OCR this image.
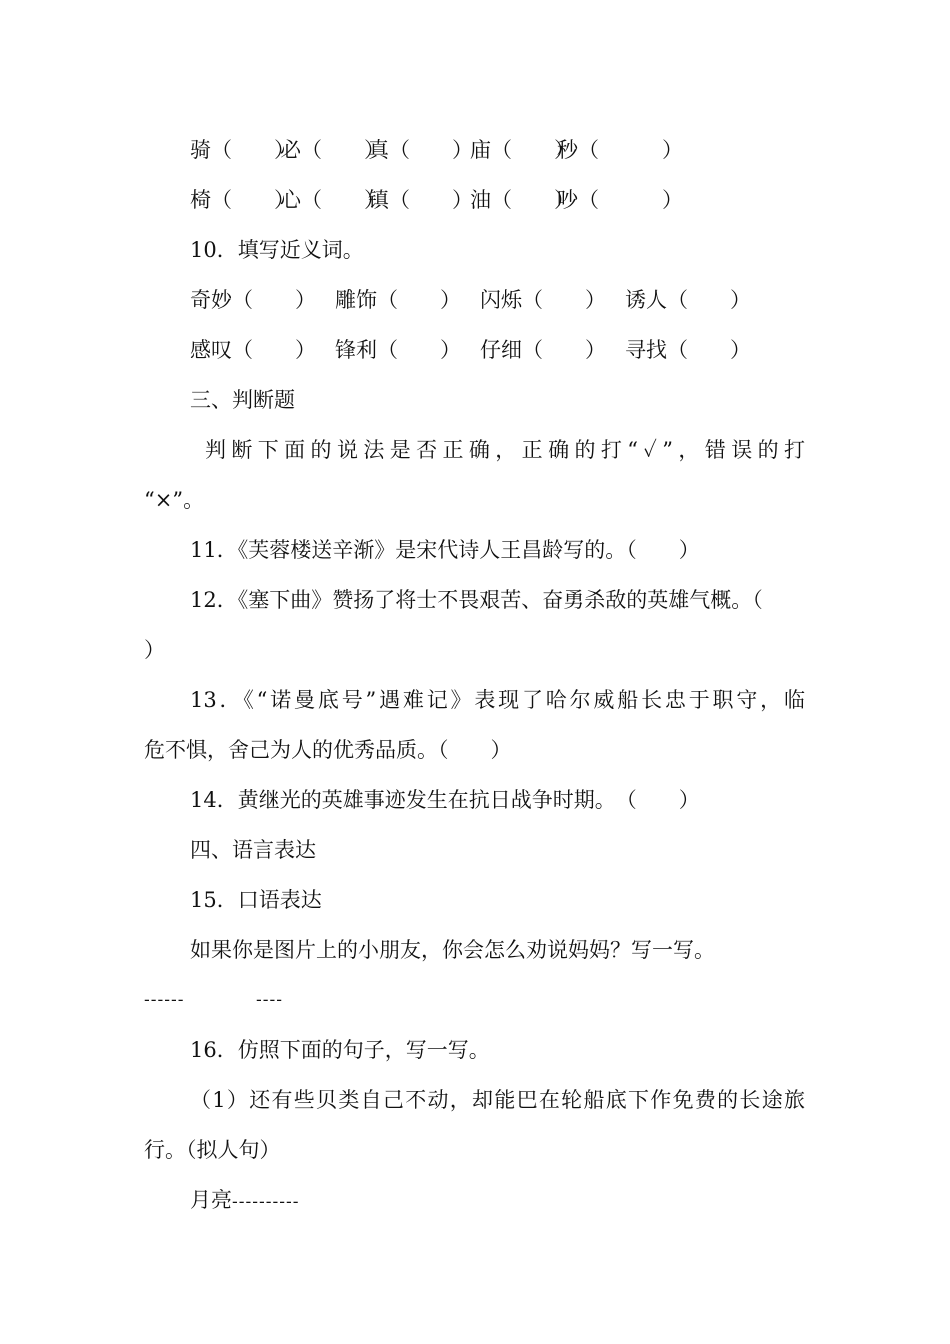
骑（　　）
必（　　）
真（　　）
庙（　　）
秒（　　　）
椅（　　）
心（　　）
镇（　　）
油（　　）
吵（　　　）
10．填写近义词。
奇妙（　　） 雕饰（　　） 闪烁（　　） 诱人（　　）
感叹（　　） 锋利（　　） 仔细（　　） 寻找（　　）
三、判断题
判断下面的说法是否正确，正确的打“✓”，错误的打
“×”。
11．《芙蓉楼送辛渐》是宋代诗人王昌龄写的。（　　）
12．《塞下曲》赞扬了将士不畏艰苦、奋勇杀敌的英雄气概。（
）
13．《“诺曼底号”遇难记》表现了哈尔威船长忠于职守，临
危不惧，舍己为人的优秀品质。（　　）
14．黄继光的英雄事迹发生在抗日战争时期。　（　　）
四、语言表达
15．口语表达
如果你是图片上的小朋友，你会怎么劝说妈妈？写一写。
------	----
16．仿照下面的句子，写一写。
（1）还有些贝类自己不动，却能巴在轮船底下作免费的长途旅
行。（拟人句）
月亮----------
